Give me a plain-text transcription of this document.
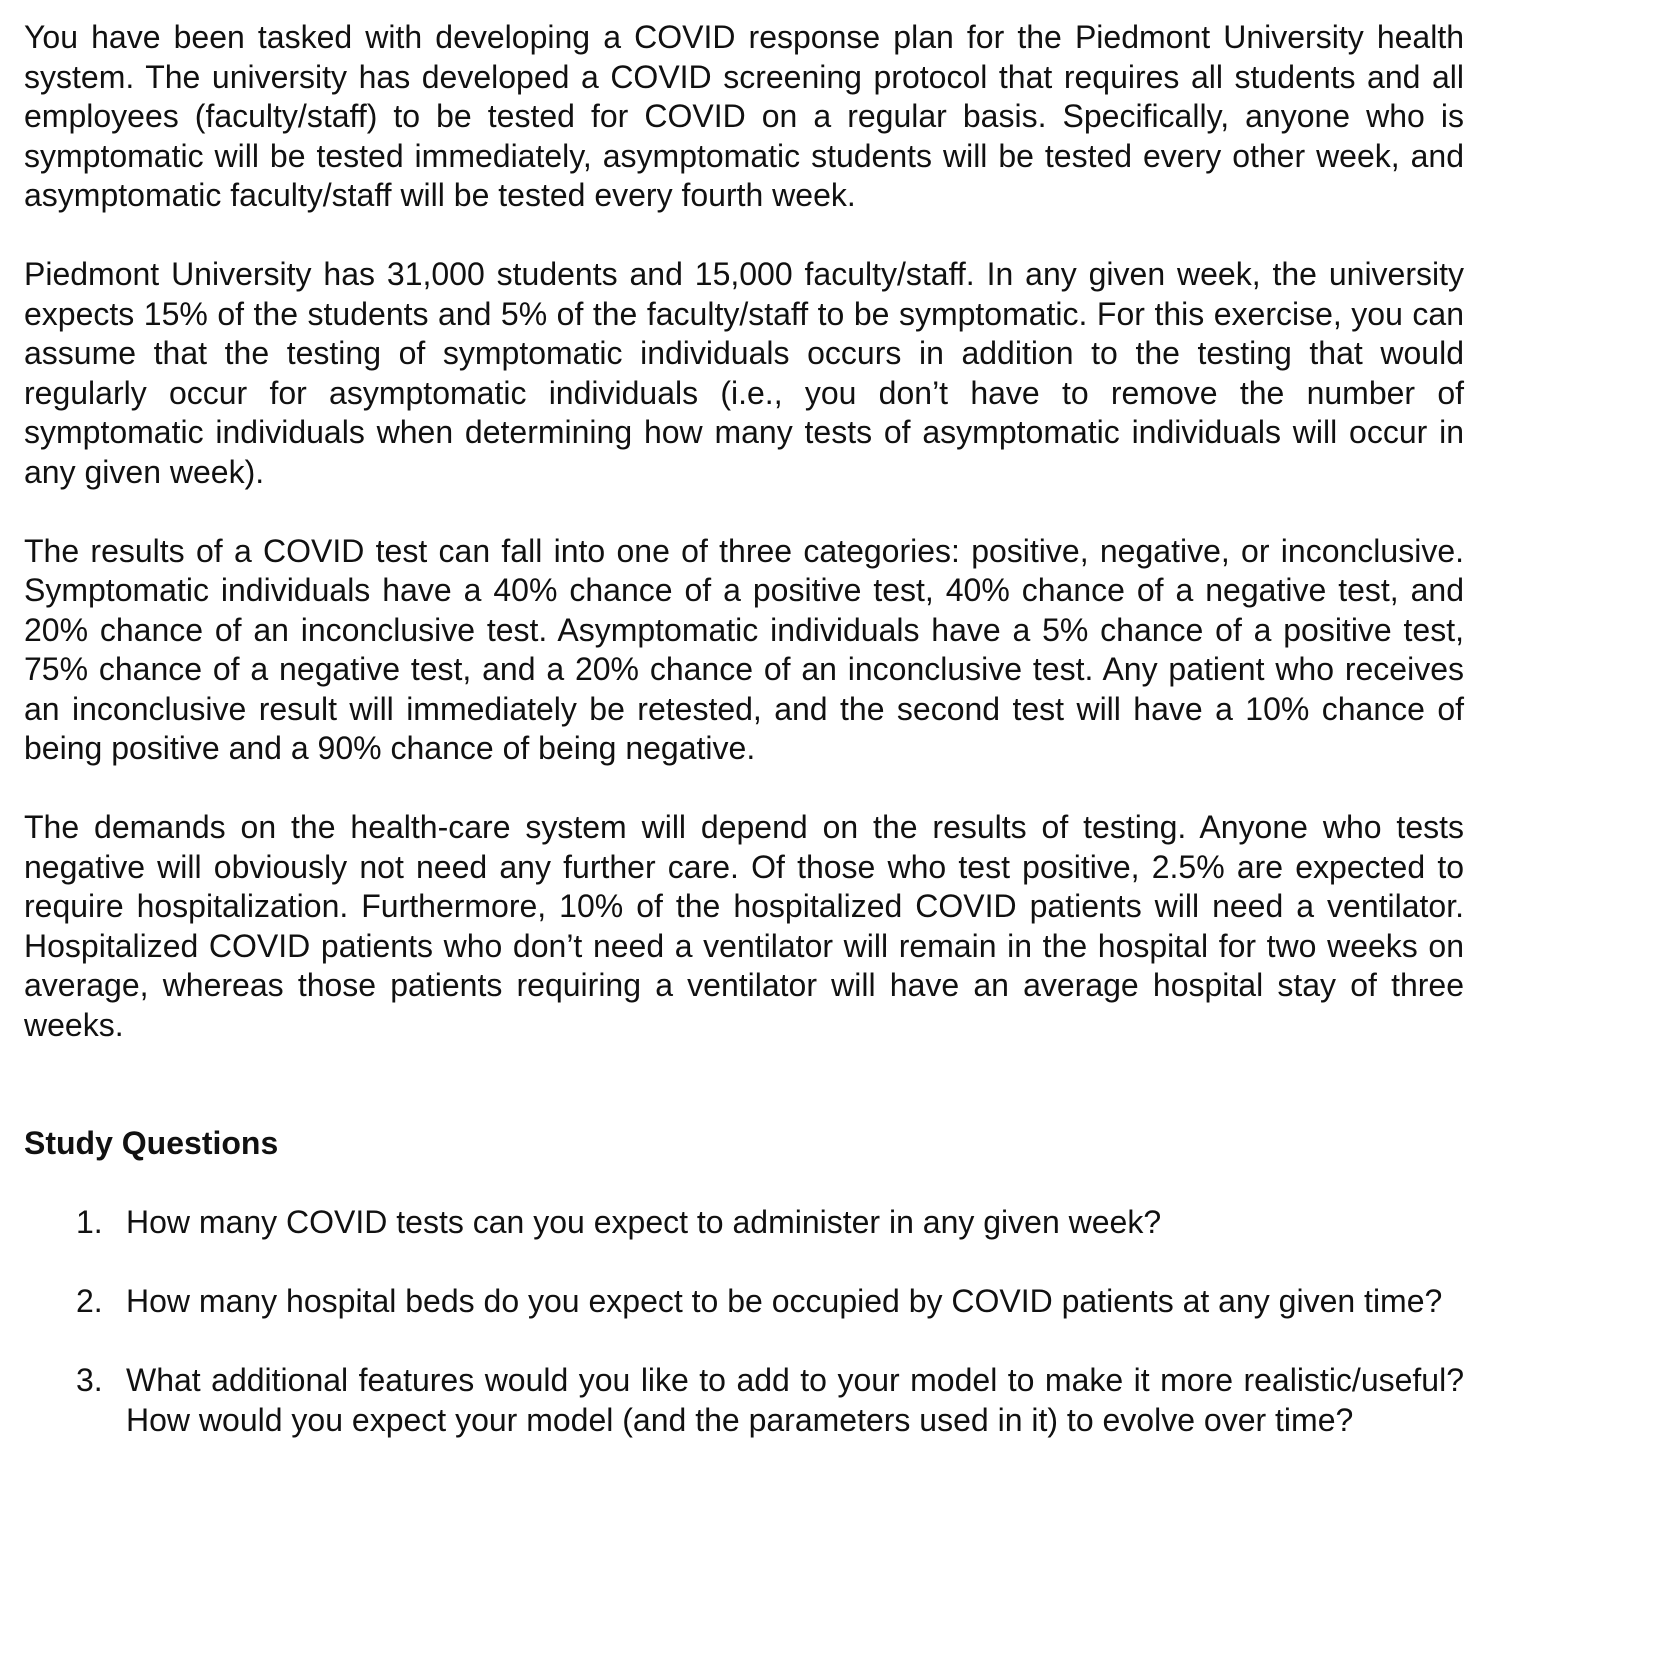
You have been tasked with developing a COVID response plan for the Piedmont University health system. The university has developed a COVID screening protocol that requires all students and all employees (faculty/staff) to be tested for COVID on a regular basis. Specifically, anyone who is symptomatic will be tested immediately, asymptomatic students will be tested every other week, and asymptomatic faculty/staff will be tested every fourth week.

Piedmont University has 31,000 students and 15,000 faculty/staff. In any given week, the university expects 15% of the students and 5% of the faculty/staff to be symptomatic. For this exercise, you can assume that the testing of symptomatic individuals occurs in addition to the testing that would regularly occur for asymptomatic individuals (i.e., you don’t have to remove the number of symptomatic individuals when determining how many tests of asymptomatic individuals will occur in any given week).

The results of a COVID test can fall into one of three categories: positive, negative, or inconclusive. Symptomatic individuals have a 40% chance of a positive test, 40% chance of a negative test, and 20% chance of an inconclusive test. Asymptomatic individuals have a 5% chance of a positive test, 75% chance of a negative test, and a 20% chance of an inconclusive test. Any patient who receives an inconclusive result will immediately be retested, and the second test will have a 10% chance of being positive and a 90% chance of being negative.

The demands on the health-care system will depend on the results of testing. Anyone who tests negative will obviously not need any further care. Of those who test positive, 2.5% are expected to require hospitalization. Furthermore, 10% of the hospitalized COVID patients will need a ventilator. Hospitalized COVID patients who don’t need a ventilator will remain in the hospital for two weeks on average, whereas those patients requiring a ventilator will have an average hospital stay of three weeks.

Study Questions
1. How many COVID tests can you expect to administer in any given week?
2. How many hospital beds do you expect to be occupied by COVID patients at any given time?
3. What additional features would you like to add to your model to make it more realistic/useful? How would you expect your model (and the parameters used in it) to evolve over time?
